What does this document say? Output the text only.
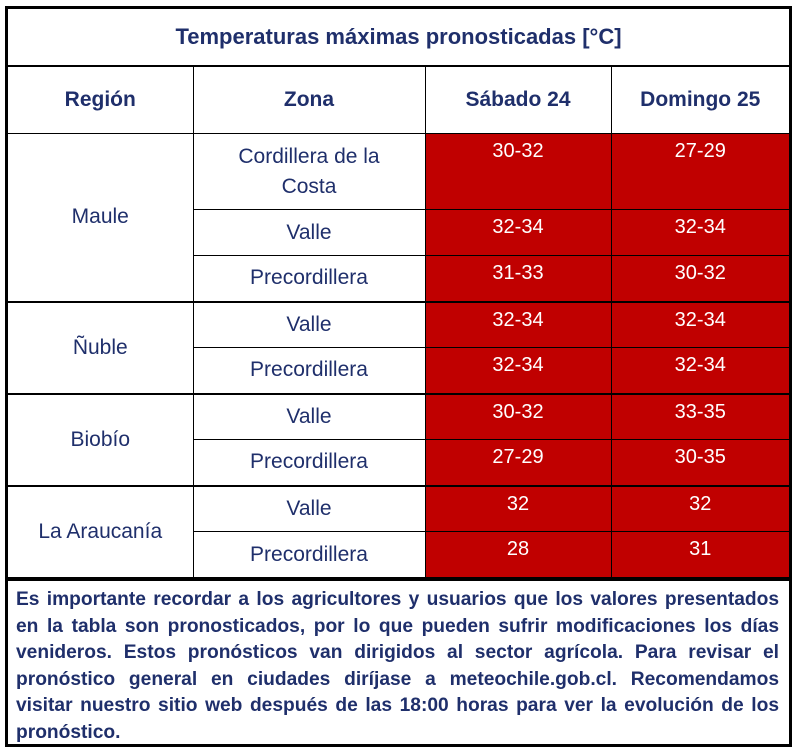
Temperaturas máximas pronosticadas [°C]
Región	Zona	Sábado 24	Domingo 25
Maule	Cordillera de la Costa	30-32	27-29
	Valle	32-34	32-34
	Precordillera	31-33	30-32
Ñuble	Valle	32-34	32-34
	Precordillera	32-34	32-34
Biobío	Valle	30-32	33-35
	Precordillera	27-29	30-35
La Araucanía	Valle	32	32
	Precordillera	28	31
Es importante recordar a los agricultores y usuarios que los valores presentados en la tabla son pronosticados, por lo que pueden sufrir modificaciones los días venideros. Estos pronósticos van dirigidos al sector agrícola. Para revisar el pronóstico general en ciudades diríjase a meteochile.gob.cl. Recomendamos visitar nuestro sitio web después de las 18:00 horas para ver la evolución de los pronóstico.
